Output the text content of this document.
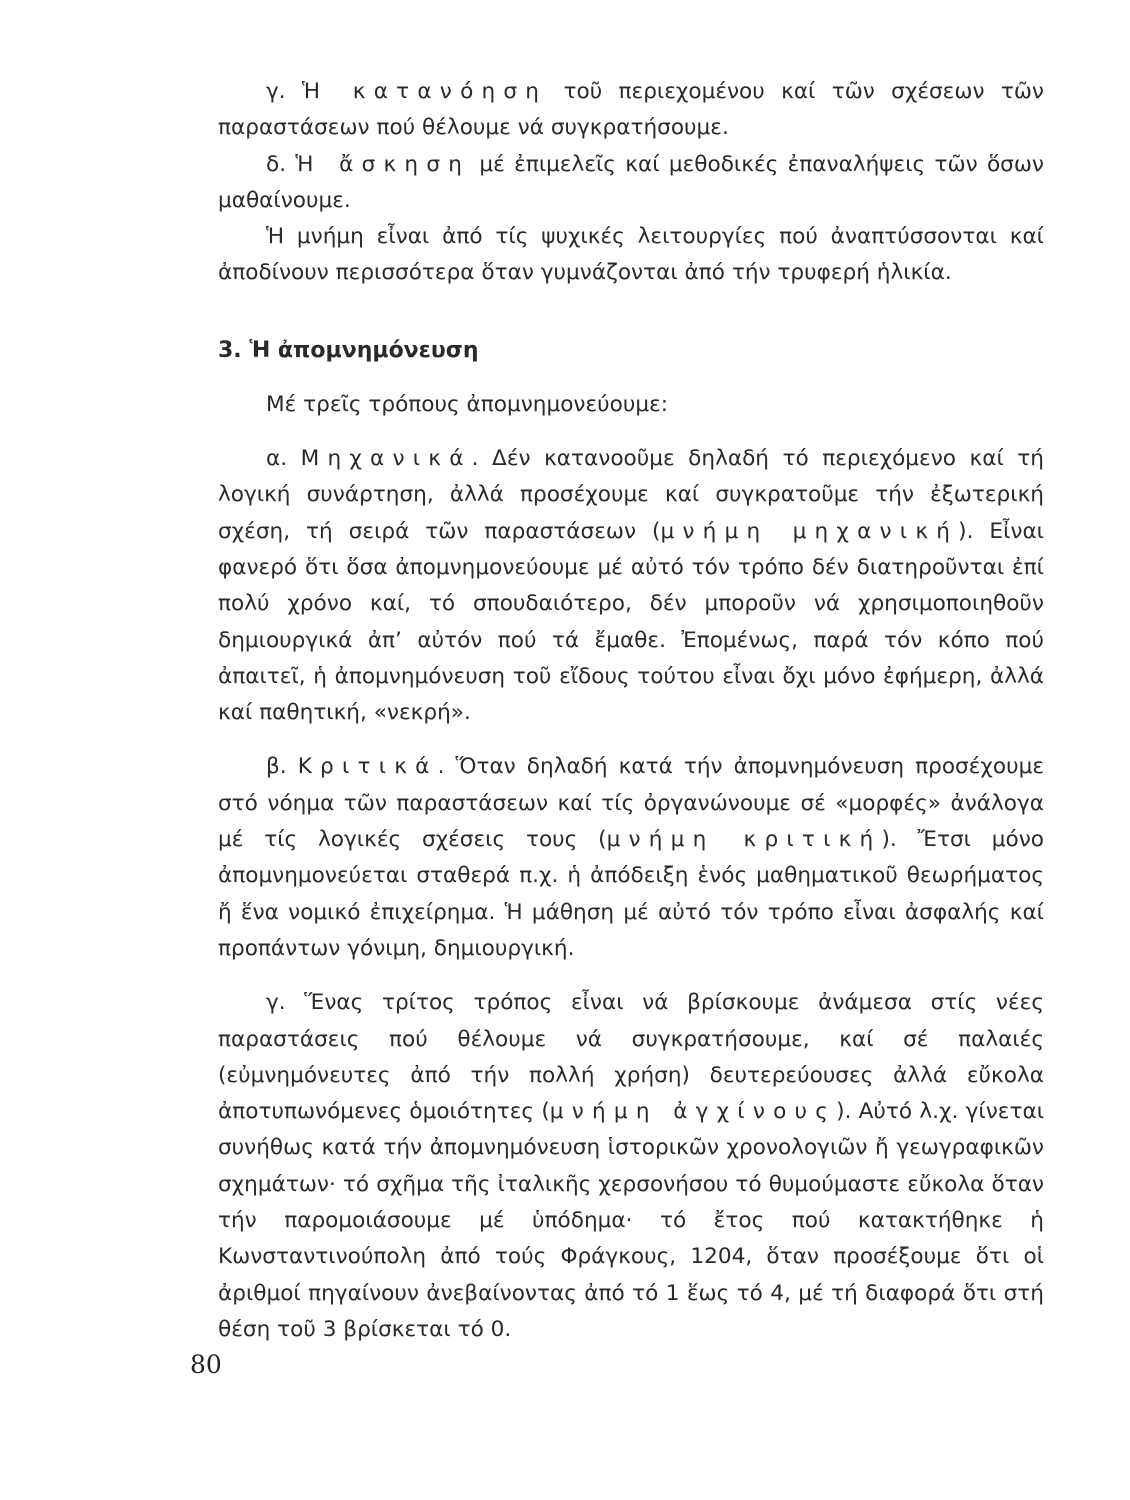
γ. Ἡ κατανόηση τοῦ περιεχομένου καί τῶν σχέσεων τῶν παραστάσεων πού θέλουμε νά συγκρατήσουμε.

δ. Ἡ ἄσκηση μέ ἐπιμελεῖς καί μεθοδικές ἐπαναλήψεις τῶν ὅσων μαθαίνουμε.

Ἡ μνήμη εἶναι ἀπό τίς ψυχικές λειτουργίες πού ἀναπτύσσονται καί ἀποδίνουν περισσότερα ὅταν γυμνάζονται ἀπό τήν τρυφερή ἡλικία.

3. Ἡ ἀπομνημόνευση

Μέ τρεῖς τρόπους ἀπομνημονεύουμε:

α. Μηχανικά. Δέν κατανοοῦμε δηλαδή τό περιεχόμενο καί τή λογική συνάρτηση, ἀλλά προσέχουμε καί συγκρατοῦμε τήν ἐξωτερική σχέση, τή σειρά τῶν παραστάσεων (μνήμη μηχανική). Εἶναι φανερό ὅτι ὅσα ἀπομνημονεύουμε μέ αὐτό τόν τρόπο δέν διατηροῦνται ἐπί πολύ χρόνο καί, τό σπουδαιότερο, δέν μποροῦν νά χρησιμοποιηθοῦν δημιουργικά ἀπ’ αὐτόν πού τά ἔμαθε. Ἐπομένως, παρά τόν κόπο πού ἀπαιτεῖ, ἡ ἀπομνημόνευση τοῦ εἴδους τούτου εἶναι ὄχι μόνο ἐφήμερη, ἀλλά καί παθητική, «νεκρή».

β. Κριτικά. Ὅταν δηλαδή κατά τήν ἀπομνημόνευση προσέχουμε στό νόημα τῶν παραστάσεων καί τίς ὀργανώνουμε σέ «μορφές» ἀνάλογα μέ τίς λογικές σχέσεις τους (μνήμη κριτική). Ἔτσι μόνο ἀπομνημονεύεται σταθερά π.χ. ἡ ἀπόδειξη ἑνός μαθηματικοῦ θεωρήματος ἤ ἕνα νομικό ἐπιχείρημα. Ἡ μάθηση μέ αὐτό τόν τρόπο εἶναι ἀσφαλής καί προπάντων γόνιμη, δημιουργική.

γ. Ἕνας τρίτος τρόπος εἶναι νά βρίσκουμε ἀνάμεσα στίς νέες παραστάσεις πού θέλουμε νά συγκρατήσουμε, καί σέ παλαιές (εὐμνημόνευτες ἀπό τήν πολλή χρήση) δευτερεύουσες ἀλλά εὔκολα ἀποτυπωνόμενες ὁμοιότητες (μνήμη ἀγχίνους). Αὐτό λ.χ. γίνεται συνήθως κατά τήν ἀπομνημόνευση ἱστορικῶν χρονολογιῶν ἤ γεωγραφικῶν σχημάτων· τό σχῆμα τῆς ἰταλικῆς χερσονήσου τό θυμούμαστε εὔκολα ὅταν τήν παρομοιάσουμε μέ ὑπόδημα· τό ἔτος πού κατακτήθηκε ἡ Κωνσταντινούπολη ἀπό τούς Φράγκους, 1204, ὅταν προσέξουμε ὅτι οἱ ἀριθμοί πηγαίνουν ἀνεβαίνοντας ἀπό τό 1 ἕως τό 4, μέ τή διαφορά ὅτι στή θέση τοῦ 3 βρίσκεται τό 0.

80
